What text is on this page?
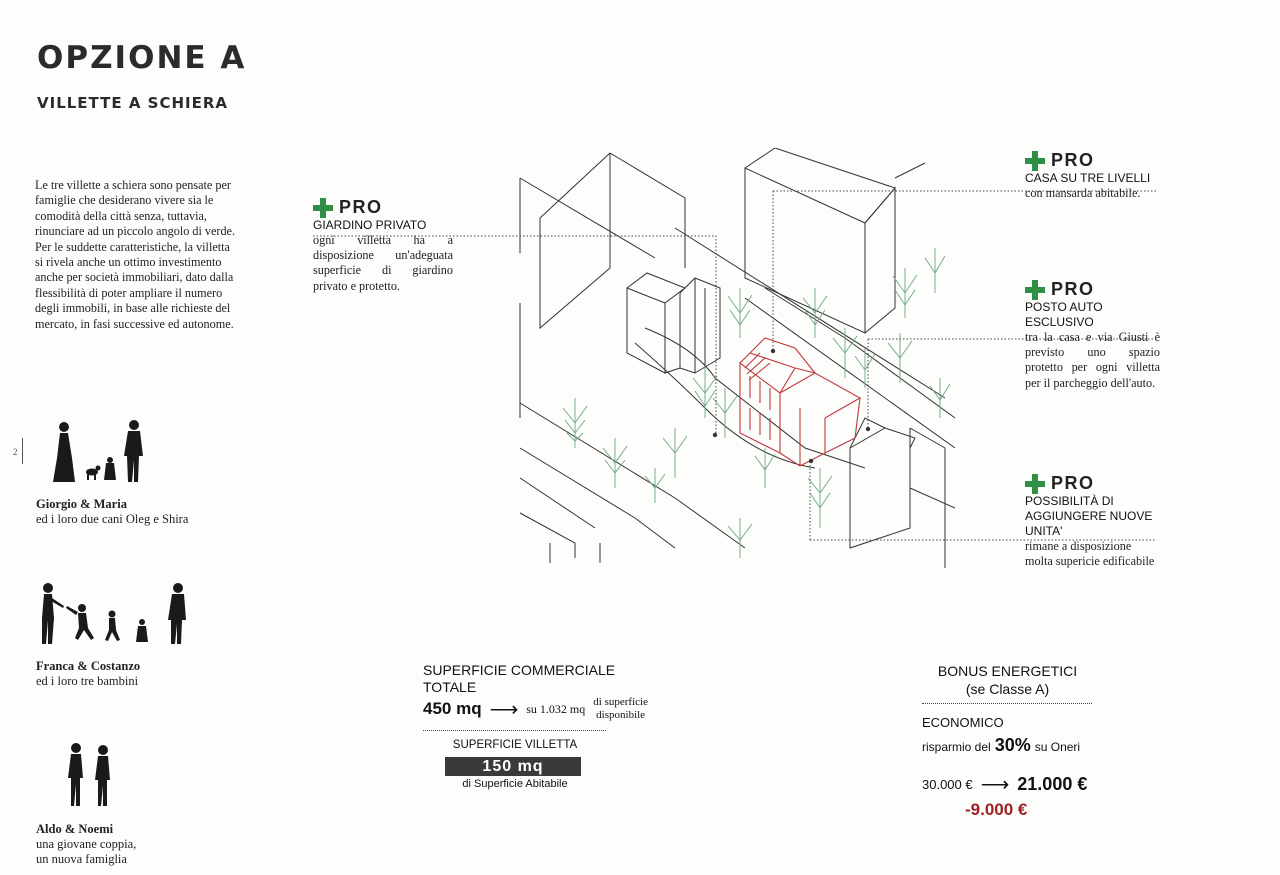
OPZIONE A
VILLETTE A SCHIERA

Le tre villette a schiera sono pensate per famiglie che desiderano vivere sia le comodità della città senza, tuttavia, rinunciare ad un piccolo angolo di verde.

Per le suddette caratteristiche, la villetta si rivela anche un ottimo investimento anche per società immobiliari, dato dalla flessibilità di poter ampliare il numero degli immobili, in base alle richieste del mercato, in fasi successive ed autonome.

2
Giorgio & Maria
ed i loro due cani Oleg e Shira
Franca & Costanzo
ed i loro tre bambini
Aldo & Noemi
una giovane coppia,
un nuova famiglia
PRO
GIARDINO PRIVATO
ogni villetta ha a disposizione un'adeguata superficie di giardino privato e protetto.
PRO
CASA SU TRE LIVELLI
con mansarda abitabile.
PRO
POSTO AUTO
ESCLUSIVO
tra la casa e via Giusti è previsto uno spazio protetto per ogni villetta per il parcheggio dell'auto.
PRO
POSSIBILITÀ DI
AGGIUNGERE NUOVE
UNITA'
rimane a disposizione
molta supericie edificabile
SUPERFICIE COMMERCIALE
TOTALE
450 mq ⟶ su 1.032 mq di superficie
disponibile
SUPERFICIE VILLETTA
150 mq
di Superficie Abitabile
BONUS ENERGETICI
(se Classe A)
ECONOMICO
risparmio del 30% su Oneri
30.000 € ⟶ 21.000 €
-9.000 €
